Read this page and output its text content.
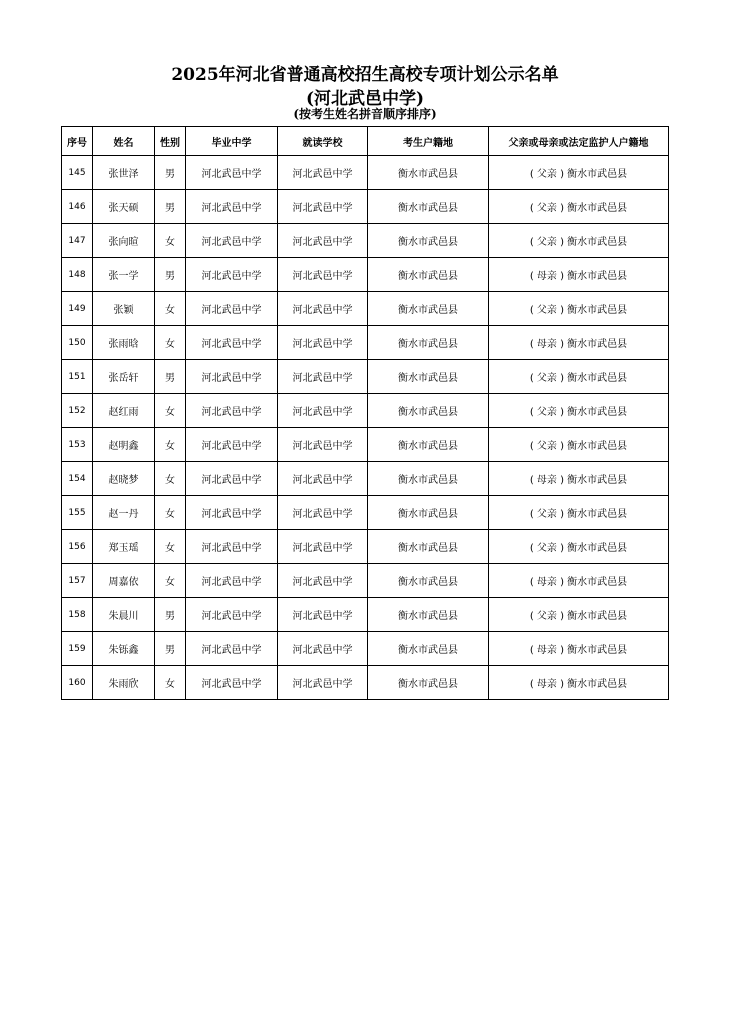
2025年河北省普通高校招生高校专项计划公示名单
(河北武邑中学)
(按考生姓名拼音顺序排序)
序号	姓名	性别	毕业中学	就读学校	考生户籍地	父亲或母亲或法定监护人户籍地
145	张世泽	男	河北武邑中学	河北武邑中学	衡水市武邑县	( 父亲 ) 衡水市武邑县
146	张天硕	男	河北武邑中学	河北武邑中学	衡水市武邑县	( 父亲 ) 衡水市武邑县
147	张向暄	女	河北武邑中学	河北武邑中学	衡水市武邑县	( 父亲 ) 衡水市武邑县
148	张一学	男	河北武邑中学	河北武邑中学	衡水市武邑县	( 母亲 ) 衡水市武邑县
149	张颖	女	河北武邑中学	河北武邑中学	衡水市武邑县	( 父亲 ) 衡水市武邑县
150	张雨晗	女	河北武邑中学	河北武邑中学	衡水市武邑县	( 母亲 ) 衡水市武邑县
151	张岳轩	男	河北武邑中学	河北武邑中学	衡水市武邑县	( 父亲 ) 衡水市武邑县
152	赵红雨	女	河北武邑中学	河北武邑中学	衡水市武邑县	( 父亲 ) 衡水市武邑县
153	赵明鑫	女	河北武邑中学	河北武邑中学	衡水市武邑县	( 父亲 ) 衡水市武邑县
154	赵晓梦	女	河北武邑中学	河北武邑中学	衡水市武邑县	( 母亲 ) 衡水市武邑县
155	赵一丹	女	河北武邑中学	河北武邑中学	衡水市武邑县	( 父亲 ) 衡水市武邑县
156	郑玉瑶	女	河北武邑中学	河北武邑中学	衡水市武邑县	( 父亲 ) 衡水市武邑县
157	周嘉依	女	河北武邑中学	河北武邑中学	衡水市武邑县	( 母亲 ) 衡水市武邑县
158	朱晨川	男	河北武邑中学	河北武邑中学	衡水市武邑县	( 父亲 ) 衡水市武邑县
159	朱铄鑫	男	河北武邑中学	河北武邑中学	衡水市武邑县	( 母亲 ) 衡水市武邑县
160	朱雨欣	女	河北武邑中学	河北武邑中学	衡水市武邑县	( 母亲 ) 衡水市武邑县
